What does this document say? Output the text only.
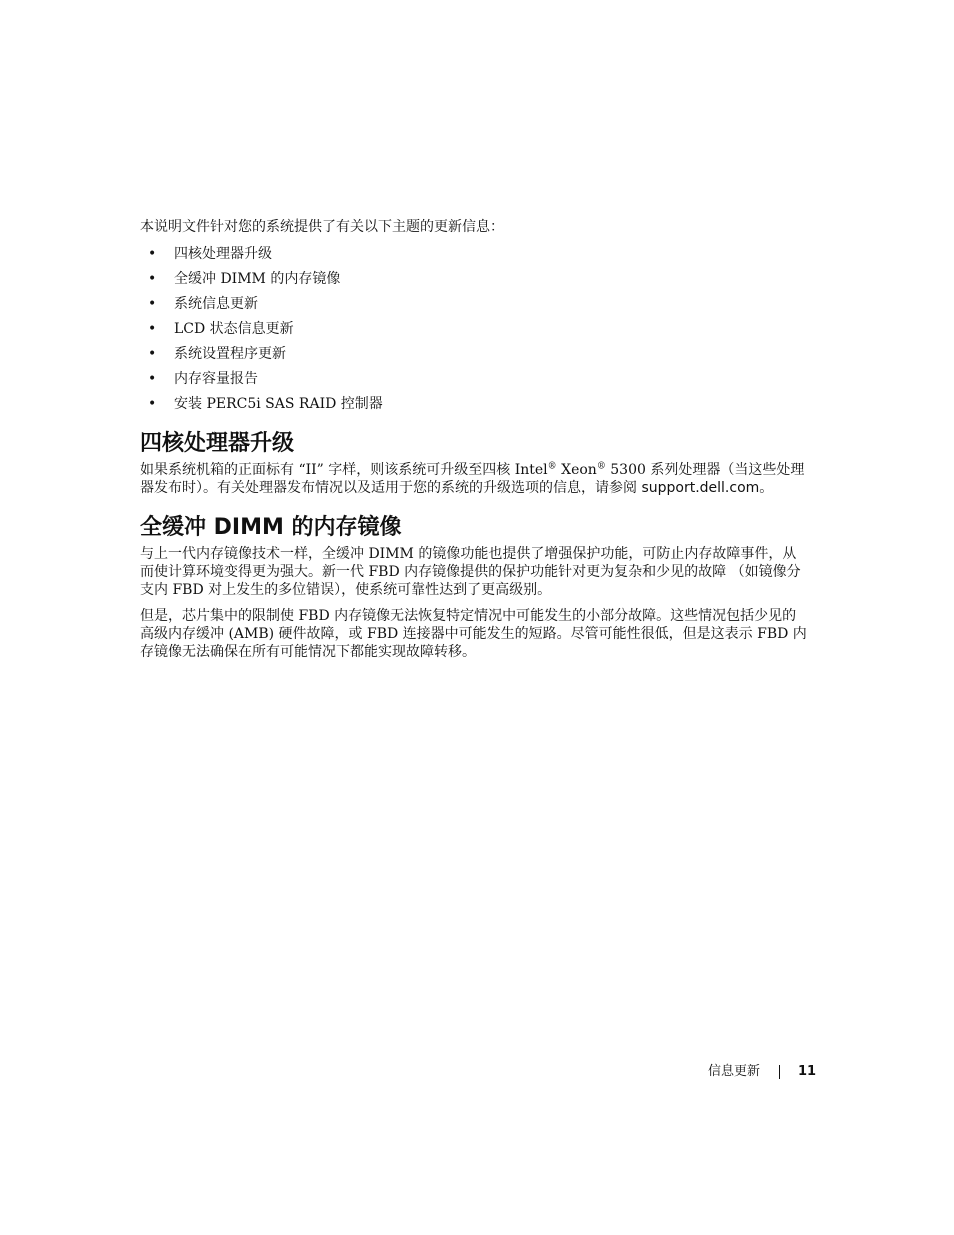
本说明文件针对您的系统提供了有关以下主题的更新信息：

• 四核处理器升级
• 全缓冲 DIMM 的内存镜像
• 系统信息更新
• LCD 状态信息更新
• 系统设置程序更新
• 内存容量报告
• 安装 PERC5i SAS RAID 控制器
四核处理器升级

如果系统机箱的正面标有 “II” 字样，则该系统可升级至四核 Intel® Xeon® 5300 系列处理器（当这些处理器发布时）。有关处理器发布情况以及适用于您的系统的升级选项的信息，请参阅 support.dell.com。

全缓冲 DIMM 的内存镜像

与上一代内存镜像技术一样，全缓冲 DIMM 的镜像功能也提供了增强保护功能，可防止内存故障事件，从而使计算环境变得更为强大。新一代 FBD 内存镜像提供的保护功能针对更为复杂和少见的故障 （如镜像分支内 FBD 对上发生的多位错误），使系统可靠性达到了更高级别。

但是，芯片集中的限制使 FBD 内存镜像无法恢复特定情况中可能发生的小部分故障。这些情况包括少见的高级内存缓冲 (AMB) 硬件故障，或 FBD 连接器中可能发生的短路。尽管可能性很低，但是这表示 FBD 内存镜像无法确保在所有可能情况下都能实现故障转移。

信息更新	11
